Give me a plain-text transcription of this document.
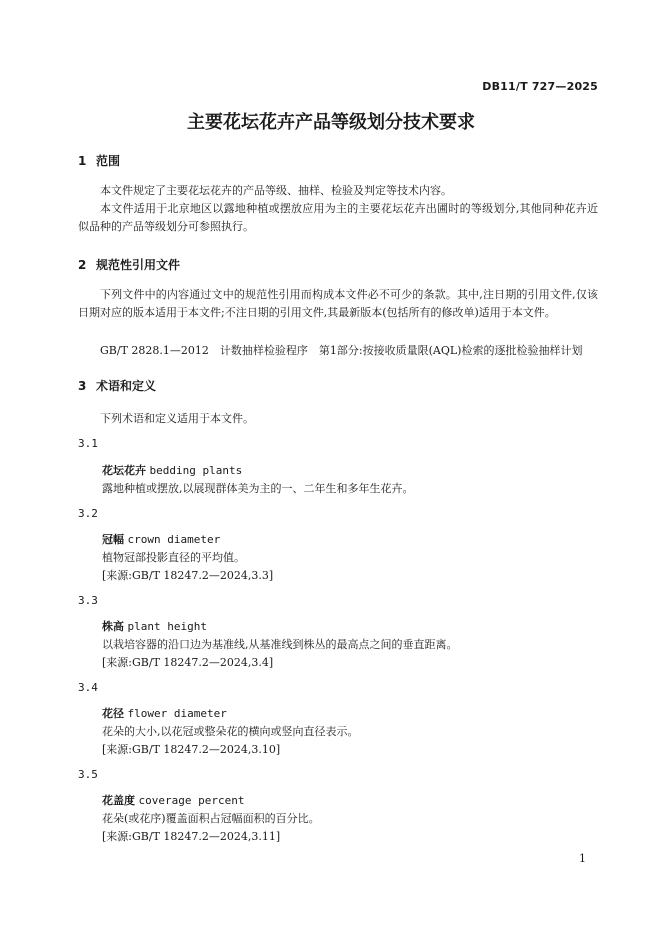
DB11/T 727—2025
主要花坛花卉产品等级划分技术要求
1 范围
本文件规定了主要花坛花卉的产品等级、抽样、检验及判定等技术内容。
本文件适用于北京地区以露地种植或摆放应用为主的主要花坛花卉出圃时的等级划分,其他同种花卉近似品种的产品等级划分可参照执行。
2 规范性引用文件
下列文件中的内容通过文中的规范性引用而构成本文件必不可少的条款。其中,注日期的引用文件,仅该日期对应的版本适用于本文件;不注日期的引用文件,其最新版本(包括所有的修改单)适用于本文件。
GB/T 2828.1—2012　计数抽样检验程序　第1部分:按接收质量限(AQL)检索的逐批检验抽样计划
3 术语和定义
下列术语和定义适用于本文件。
3.1
花坛花卉 bedding plants
露地种植或摆放,以展现群体美为主的一、二年生和多年生花卉。
3.2
冠幅 crown diameter
植物冠部投影直径的平均值。
[来源:GB/T 18247.2—2024,3.3]
3.3
株高 plant height
以栽培容器的沿口边为基准线,从基准线到株丛的最高点之间的垂直距离。
[来源:GB/T 18247.2—2024,3.4]
3.4
花径 flower diameter
花朵的大小,以花冠或整朵花的横向或竖向直径表示。
[来源:GB/T 18247.2—2024,3.10]
3.5
花盖度 coverage percent
花朵(或花序)覆盖面积占冠幅面积的百分比。
[来源:GB/T 18247.2—2024,3.11]
1
